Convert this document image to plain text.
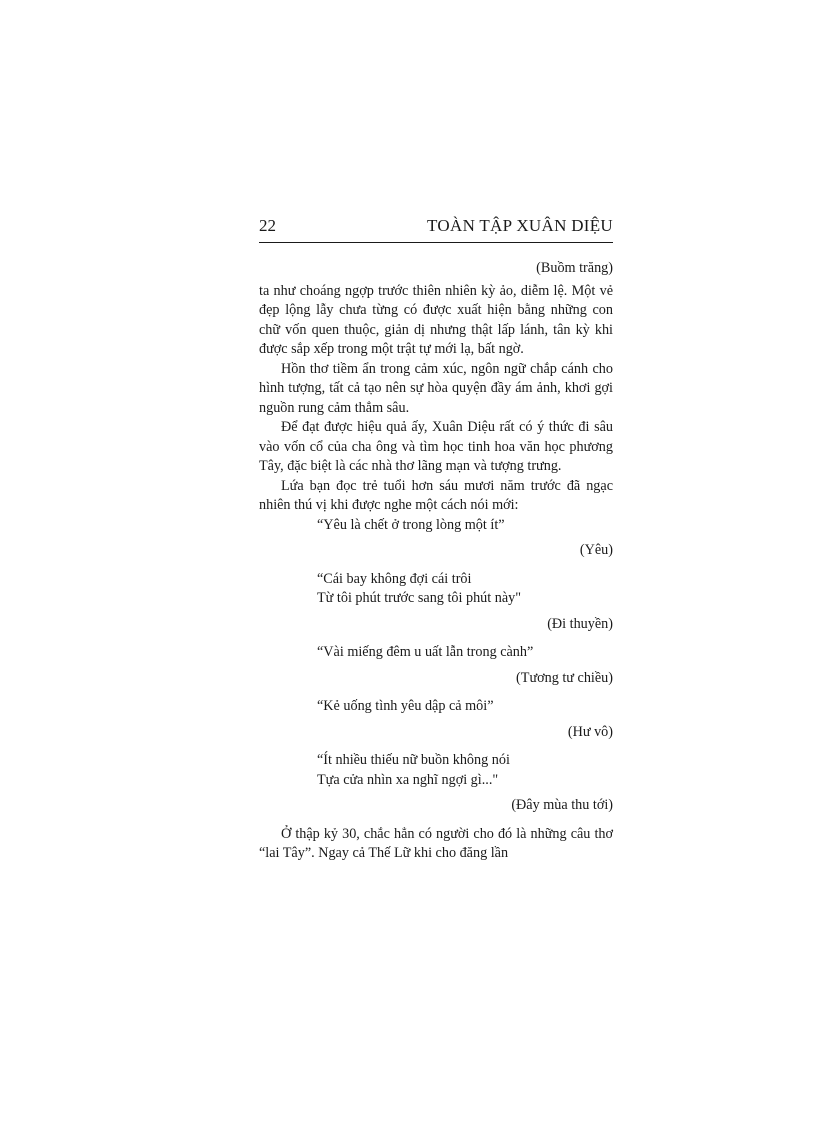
22	TOÀN TẬP XUÂN DIỆU

(Buồm trăng)

ta như choáng ngợp trước thiên nhiên kỳ ảo, diễm lệ. Một vẻ đẹp lộng lẫy chưa từng có được xuất hiện bằng những con chữ vốn quen thuộc, giản dị nhưng thật lấp lánh, tân kỳ khi được sắp xếp trong một trật tự mới lạ, bất ngờ.

Hồn thơ tiềm ẩn trong cảm xúc, ngôn ngữ chắp cánh cho hình tượng, tất cả tạo nên sự hòa quyện đầy ám ảnh, khơi gợi nguồn rung cảm thẳm sâu.

Để đạt được hiệu quả ấy, Xuân Diệu rất có ý thức đi sâu vào vốn cổ của cha ông và tìm học tinh hoa văn học phương Tây, đặc biệt là các nhà thơ lãng mạn và tượng trưng.

Lứa bạn đọc trẻ tuổi hơn sáu mươi năm trước đã ngạc nhiên thú vị khi được nghe một cách nói mới:

“Yêu là chết ở trong lòng một ít”

(Yêu)

“Cái bay không đợi cái trôi
Từ tôi phút trước sang tôi phút này"

(Đi thuyền)

“Vài miếng đêm u uất lẫn trong cành”

(Tương tư chiều)

“Kẻ uống tình yêu dập cả môi”

(Hư vô)

“Ít nhiều thiếu nữ buồn không nói
Tựa cửa nhìn xa nghĩ ngợi gì..."

(Đây mùa thu tới)

Ở thập kỷ 30, chắc hẳn có người cho đó là những câu thơ “lai Tây”. Ngay cả Thế Lữ khi cho đăng lần
